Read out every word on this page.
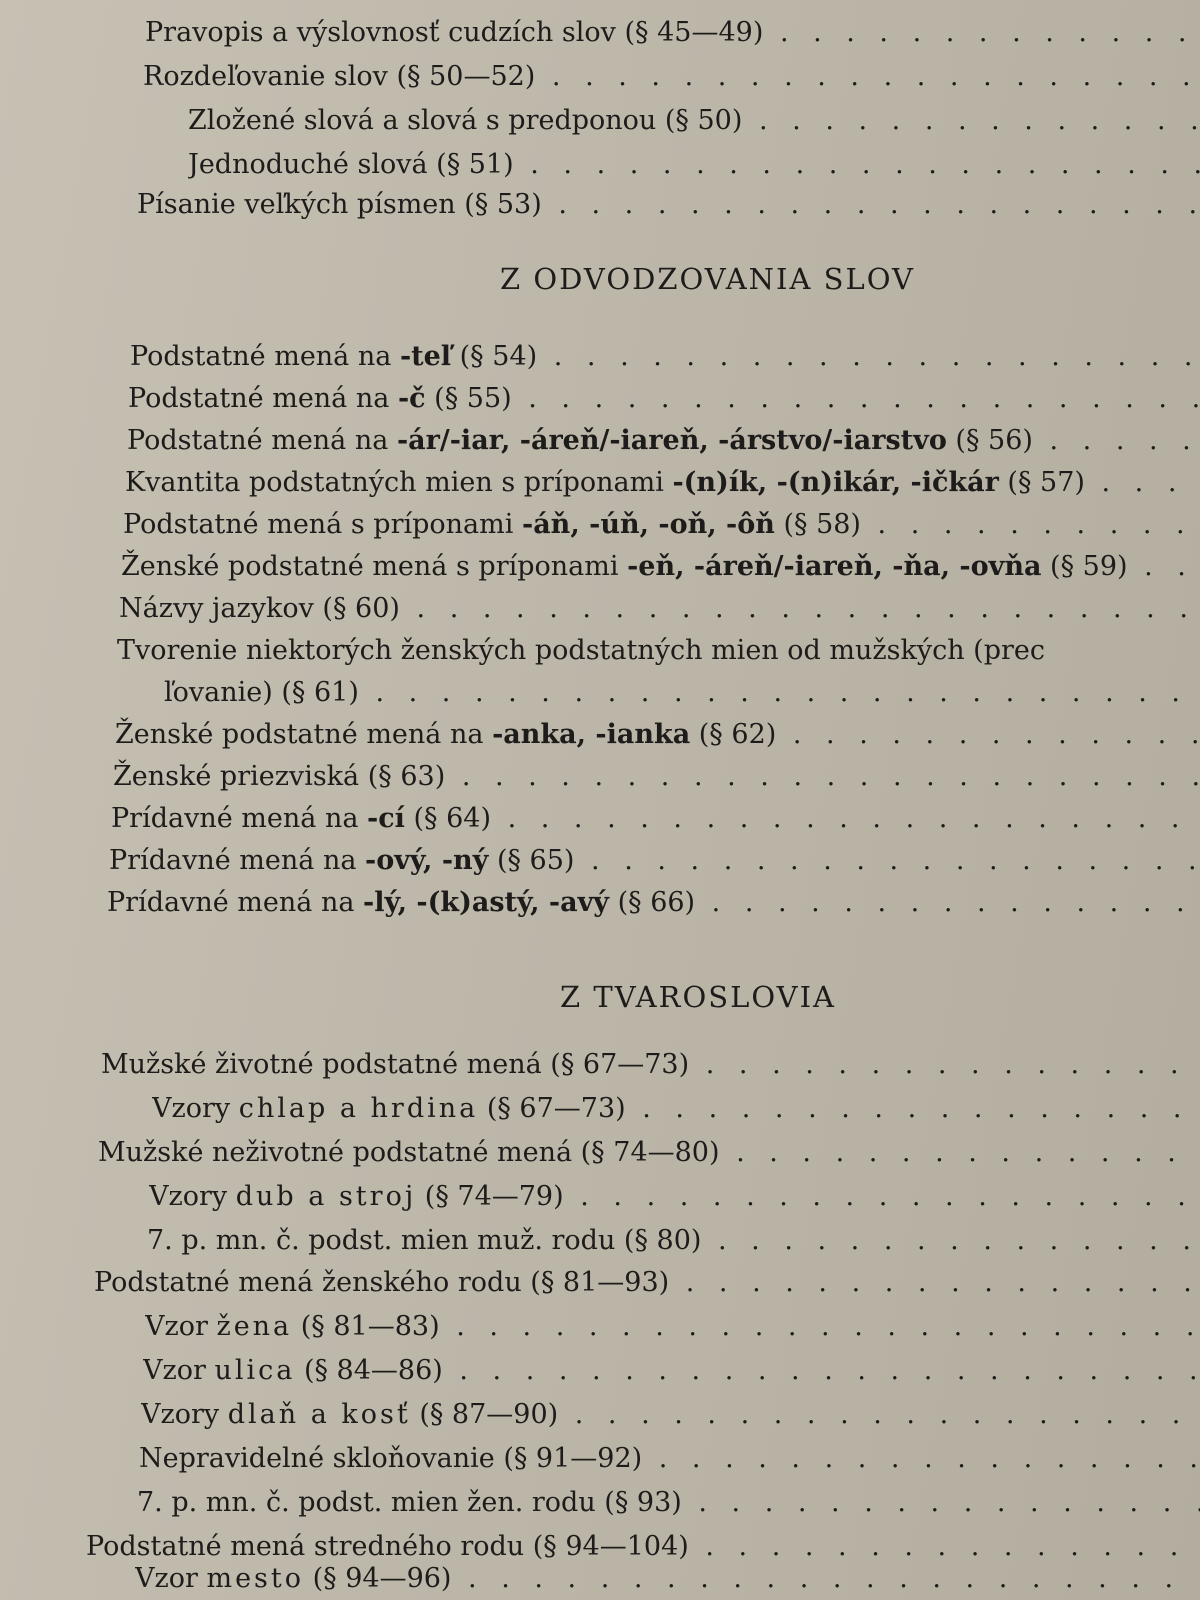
Pravopis a výslovnosť cudzích slov (§ 45—49) . . .
Rozdeľovanie slov (§ 50—52) . . .
Zložené slová a slová s predponou (§ 50) . . .
Jednoduché slová (§ 51) . . .
Písanie veľkých písmen (§ 53) . . .
Z ODVODZOVANIA SLOV
Podstatné mená na -teľ (§ 54) . . .
Podstatné mená na -č (§ 55) . . .
Podstatné mená na -ár/-iar, -áreň/-iareň, -árstvo/-iarstvo (§ 56) . . .
Kvantita podstatných mien s príponami -(n)ík, -(n)ikár, -ičkár (§ 57) . . .
Podstatné mená s príponami -áň, -úň, -oň, -ôň (§ 58) . . .
Ženské podstatné mená s príponami -eň, -áreň/-iareň, -ňa, -ovňa (§ 59) . . .
Názvy jazykov (§ 60) . . .
Tvorenie niektorých ženských podstatných mien od mužských (prec
ľovanie) (§ 61) . . .
Ženské podstatné mená na -anka, -ianka (§ 62) . . .
Ženské priezviská (§ 63) . . .
Prídavné mená na -cí (§ 64) . . .
Prídavné mená na -ový, -ný (§ 65) . . .
Prídavné mená na -lý, -(k)astý, -avý (§ 66) . . .
Z TVAROSLOVIA
Mužské životné podstatné mená (§ 67—73) . . .
Vzory chlap a hrdina (§ 67—73) . . .
Mužské neživotné podstatné mená (§ 74—80) . . .
Vzory dub a stroj (§ 74—79) . . .
7. p. mn. č. podst. mien muž. rodu (§ 80) . . .
Podstatné mená ženského rodu (§ 81—93) . . .
Vzor žena (§ 81—83) . . .
Vzor ulica (§ 84—86) . . .
Vzory dlaň a kosť (§ 87—90) . . .
Nepravidelné skloňovanie (§ 91—92) . . .
7. p. mn. č. podst. mien žen. rodu (§ 93) . . .
Podstatné mená stredného rodu (§ 94—104) . . .
Vzor mesto (§ 94—96) . . .
